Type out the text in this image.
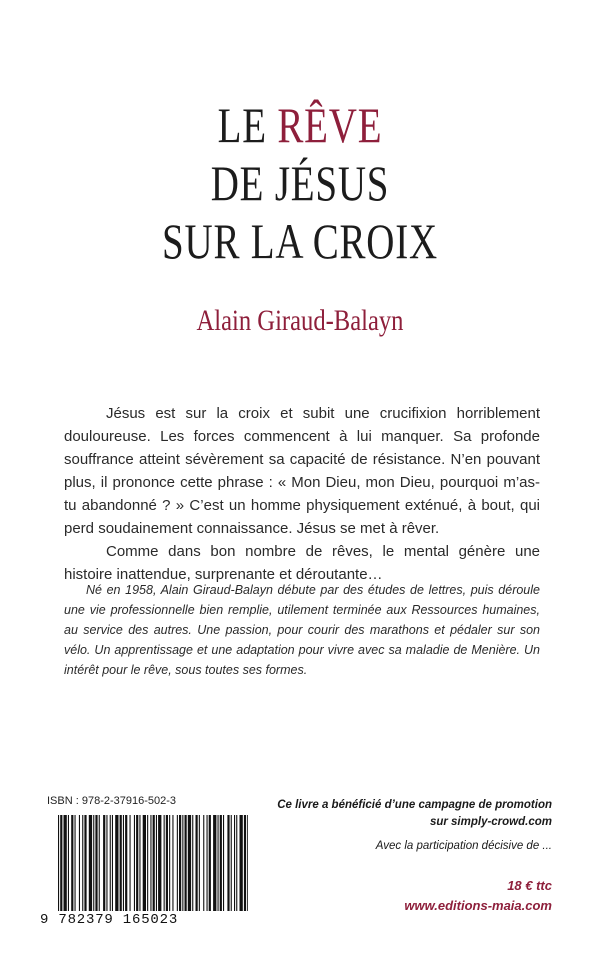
LE RÊVE
DE JÉSUS
SUR LA CROIX
Alain Giraud-Balayn

Jésus est sur la croix et subit une crucifixion horriblement douloureuse. Les forces commencent à lui manquer. Sa profonde souffrance atteint sévèrement sa capacité de résistance. N’en pouvant plus, il prononce cette phrase : « Mon Dieu, mon Dieu, pourquoi m’as-tu abandonné ? » C’est un homme physiquement exténué, à bout, qui perd soudainement connaissance. Jésus se met à rêver.

Comme dans bon nombre de rêves, le mental génère une histoire inattendue, surprenante et déroutante…

Né en 1958, Alain Giraud-Balayn débute par des études de lettres, puis déroule une vie professionnelle bien remplie, utilement terminée aux Ressources humaines, au service des autres. Une passion, pour courir des marathons et pédaler sur son vélo. Un apprentissage et une adaptation pour vivre avec sa maladie de Menière. Un intérêt pour le rêve, sous toutes ses formes.
ISBN : 978-2-37916-502-3
9 782379 165023
Ce livre a bénéficié d’une campagne de promotion
sur simply-crowd.com
Avec la participation décisive de ...
18 € ttc
www.editions-maia.com
